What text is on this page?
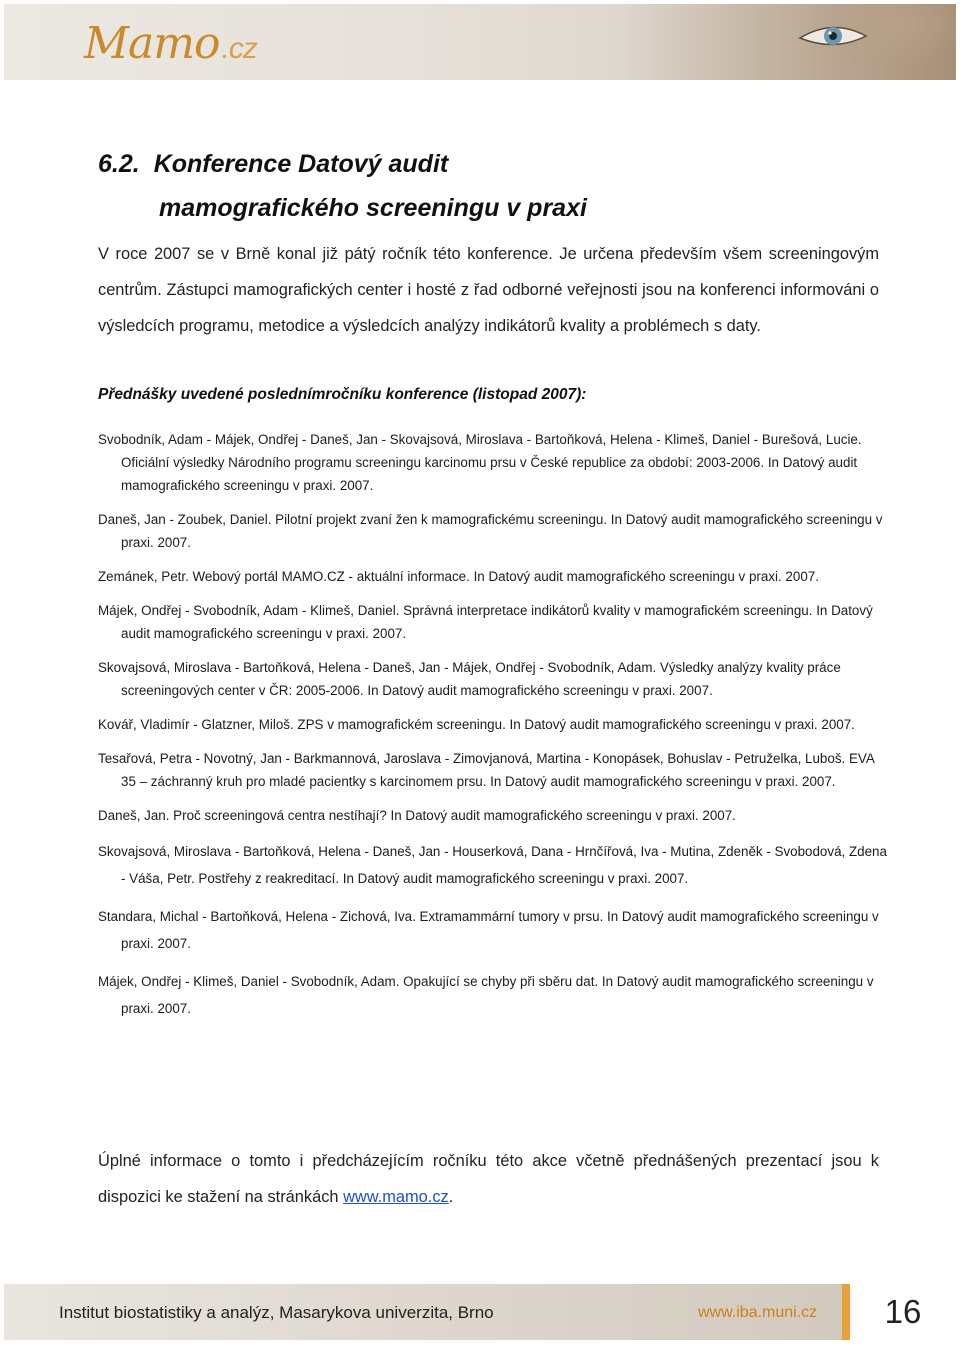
Mamo.cz
6.2. Konference Datový audit
mamografického screeningu v praxi

V roce 2007 se v Brně konal již pátý ročník této konference. Je určena především všem screeningovým centrům. Zástupci mamografických center i hosté z řad odborné veřejnosti jsou na konferenci informováni o výsledcích programu, metodice a výsledcích analýzy indikátorů kvality a problémech s daty.

Přednášky uvedené poslednímročníku konference (listopad 2007):

Svobodník, Adam - Májek, Ondřej - Daneš, Jan - Skovajsová, Miroslava - Bartoňková, Helena - Klimeš, Daniel - Burešová, Lucie. Oficiální výsledky Národního programu screeningu karcinomu prsu v České republice za období: 2003-2006. In Datový audit mamografického screeningu v praxi. 2007.
Daneš, Jan - Zoubek, Daniel. Pilotní projekt zvaní žen k mamografickému screeningu. In Datový audit mamografického screeningu v praxi. 2007.
Zemánek, Petr. Webový portál MAMO.CZ - aktuální informace. In Datový audit mamografického screeningu v praxi. 2007.
Májek, Ondřej - Svobodník, Adam - Klimeš, Daniel. Správná interpretace indikátorů kvality v mamografickém screeningu. In Datový audit mamografického screeningu v praxi. 2007.
Skovajsová, Miroslava - Bartoňková, Helena - Daneš, Jan - Májek, Ondřej - Svobodník, Adam. Výsledky analýzy kvality práce screeningových center v ČR: 2005-2006. In Datový audit mamografického screeningu v praxi. 2007.
Kovář, Vladimír - Glatzner, Miloš. ZPS v mamografickém screeningu. In Datový audit mamografického screeningu v praxi. 2007.
Tesařová, Petra - Novotný, Jan - Barkmannová, Jaroslava - Zimovjanová, Martina - Konopásek, Bohuslav - Petruželka, Luboš. EVA 35 – záchranný kruh pro mladé pacientky s karcinomem prsu. In Datový audit mamografického screeningu v praxi. 2007.
Daneš, Jan. Proč screeningová centra nestíhají? In Datový audit mamografického screeningu v praxi. 2007.
Skovajsová, Miroslava - Bartoňková, Helena - Daneš, Jan - Houserková, Dana - Hrnčířová, Iva - Mutina, Zdeněk - Svobodová, Zdena - Váša, Petr. Postřehy z reakreditací. In Datový audit mamografického screeningu v praxi. 2007.
Standara, Michal - Bartoňková, Helena - Zichová, Iva. Extramammární tumory v prsu. In Datový audit mamografického screeningu v praxi. 2007.
Májek, Ondřej - Klimeš, Daniel - Svobodník, Adam. Opakující se chyby při sběru dat. In Datový audit mamografického screeningu v praxi. 2007.

Úplné informace o tomto i předcházejícím ročníku této akce včetně přednášených prezentací jsou k dispozici ke stažení na stránkách www.mamo.cz.

Institut biostatistiky a analýz, Masarykova univerzita, Brno	www.iba.muni.cz	16
